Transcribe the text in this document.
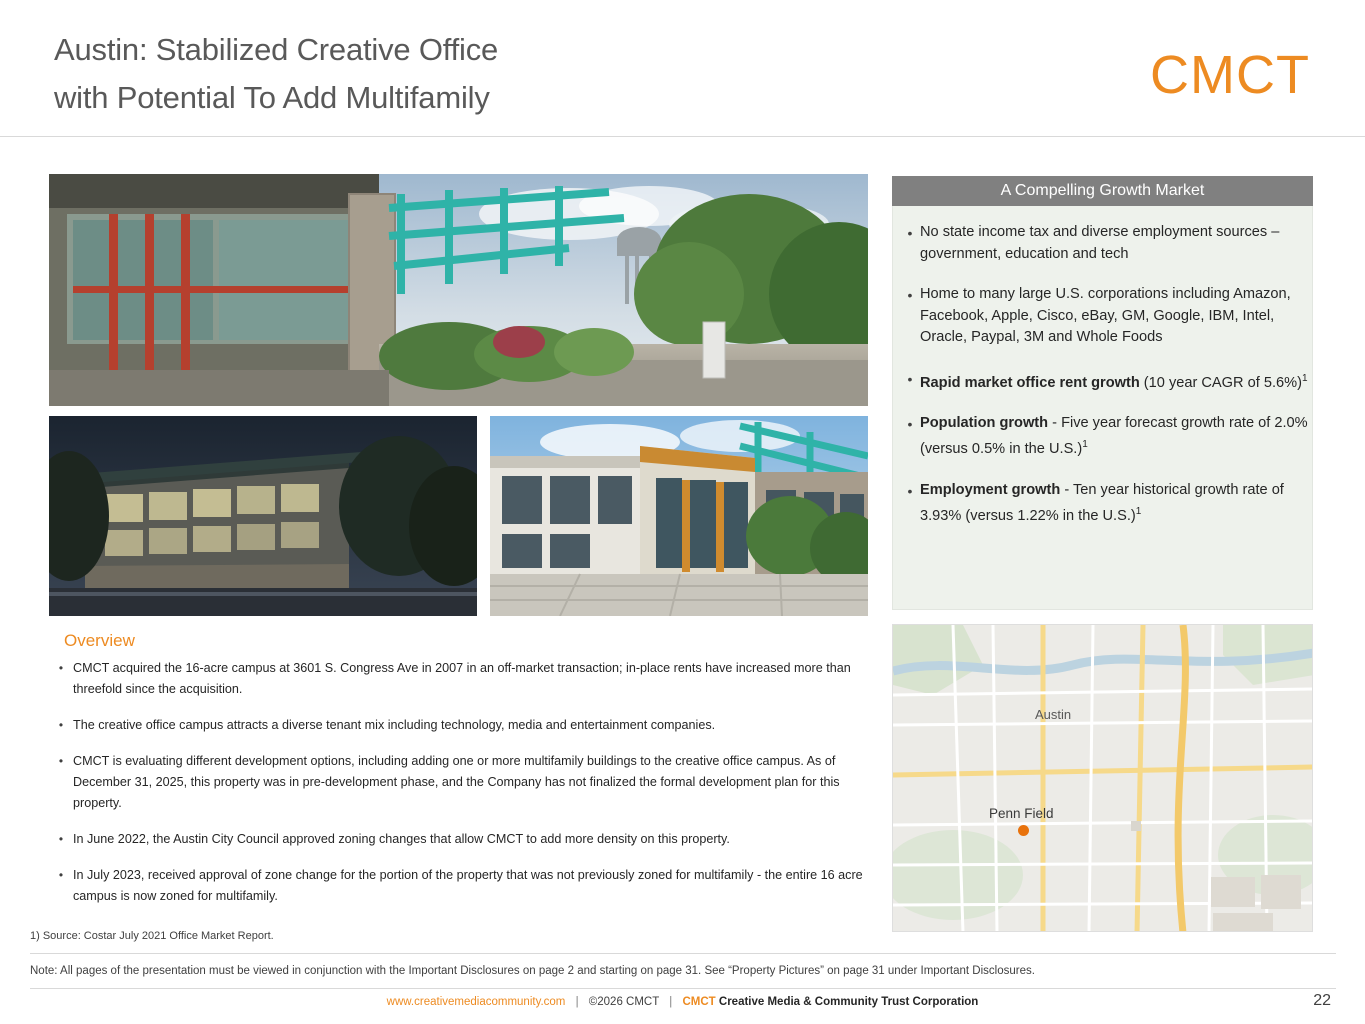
Austin: Stabilized Creative Office
with Potential To Add Multifamily	CMCT
Overview
• CMCT acquired the 16-acre campus at 3601 S. Congress Ave in 2007 in an off-market transaction; in-place rents have increased more than threefold since the acquisition.
• The creative office campus attracts a diverse tenant mix including technology, media and entertainment companies.
• CMCT is evaluating different development options, including adding one or more multifamily buildings to the creative office campus. As of December 31, 2025, this property was in pre-development phase, and the Company has not finalized the formal development plan for this property.
• In June 2022, the Austin City Council approved zoning changes that allow CMCT to add more density on this property.
• In July 2023, received approval of zone change for the portion of the property that was not previously zoned for multifamily - the entire 16 acre campus is now zoned for multifamily.
1) Source: Costar July 2021 Office Market Report.
A Compelling Growth Market
• No state income tax and diverse employment sources – government, education and tech
• Home to many large U.S. corporations including Amazon, Facebook, Apple, Cisco, eBay, GM, Google, IBM, Intel, Oracle, Paypal, 3M and Whole Foods
• Rapid market office rent growth (10 year CAGR of 5.6%)$^1$
• Population growth - Five year forecast growth rate of 2.0% (versus 0.5% in the U.S.)$^1$
• Employment growth - Ten year historical growth rate of 3.93% (versus 1.22% in the U.S.)$^1$
Austin
Penn Field
Note: All pages of the presentation must be viewed in conjunction with the Important Disclosures on page 2 and starting on page 31. See “Property Pictures” on page 31 under Important Disclosures.
www.creativemediacommunity.com | ©2026 CMCT | CMCT Creative Media & Community Trust Corporation	22
